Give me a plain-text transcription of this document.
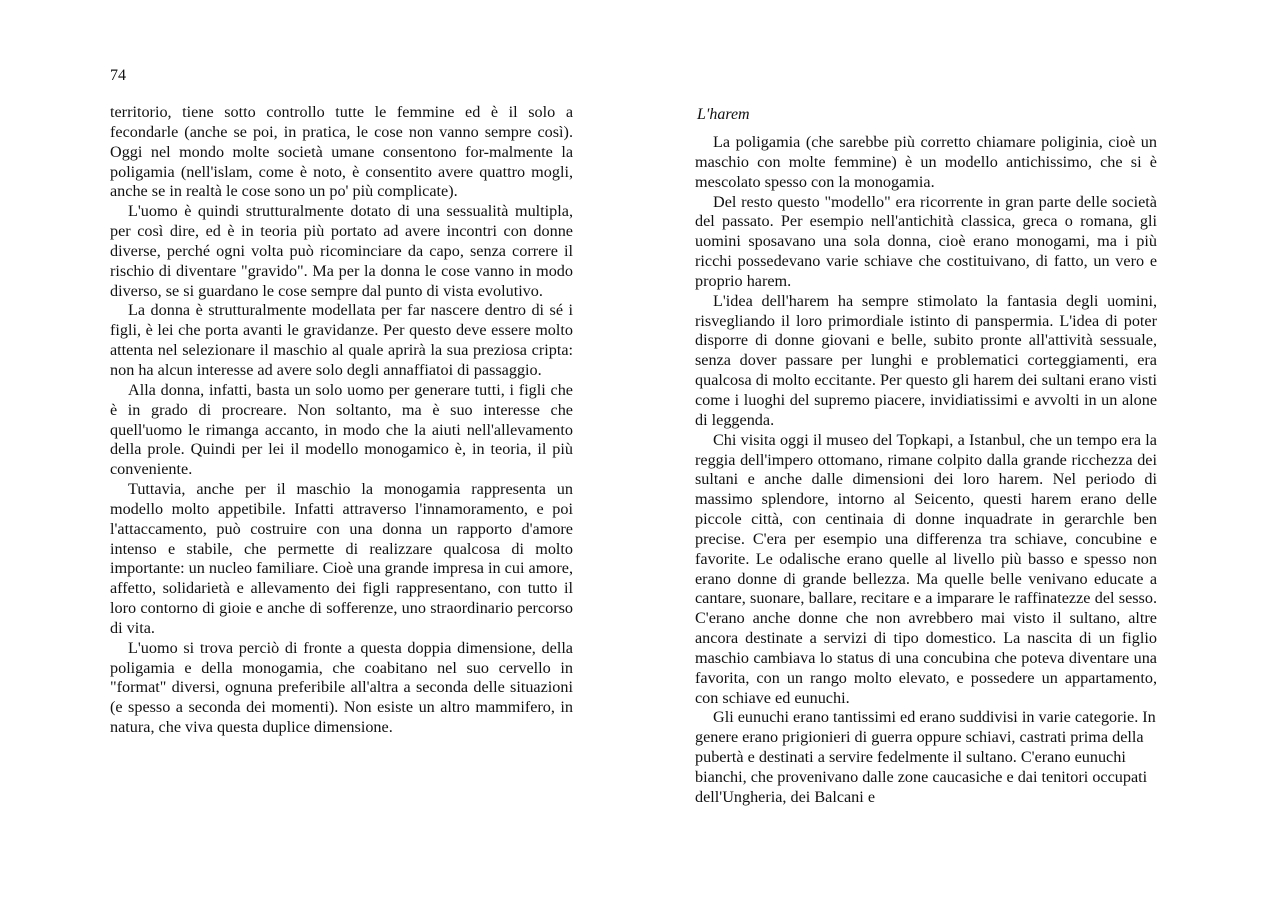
74

territorio, tiene sotto controllo tutte le femmine ed è il solo a fecondarle (anche se poi, in pratica, le cose non vanno sempre così). Oggi nel mondo molte società umane consentono for-malmente la poligamia (nell'islam, come è noto, è consentito avere quattro mogli, anche se in realtà le cose sono un po' più complicate).

L'uomo è quindi strutturalmente dotato di una sessualità multipla, per così dire, ed è in teoria più portato ad avere incontri con donne diverse, perché ogni volta può ricominciare da capo, senza correre il rischio di diventare "gravido". Ma per la donna le cose vanno in modo diverso, se si guardano le cose sempre dal punto di vista evolutivo.

La donna è strutturalmente modellata per far nascere dentro di sé i figli, è lei che porta avanti le gravidanze. Per questo deve essere molto attenta nel selezionare il maschio al quale aprirà la sua preziosa cripta: non ha alcun interesse ad avere solo degli annaffiatoi di passaggio.

Alla donna, infatti, basta un solo uomo per generare tutti, i figli che è in grado di procreare. Non soltanto, ma è suo interesse che quell'uomo le rimanga accanto, in modo che la aiuti nell'allevamento della prole. Quindi per lei il modello monogamico è, in teoria, il più conveniente.

Tuttavia, anche per il maschio la monogamia rappresenta un modello molto appetibile. Infatti attraverso l'innamoramento, e poi l'attaccamento, può costruire con una donna un rapporto d'amore intenso e stabile, che permette di realizzare qualcosa di molto importante: un nucleo familiare. Cioè una grande impresa in cui amore, affetto, solidarietà e allevamento dei figli rappresentano, con tutto il loro contorno di gioie e anche di sofferenze, uno straordinario percorso di vita.

L'uomo si trova perciò di fronte a questa doppia dimensione, della poligamia e della monogamia, che coabitano nel suo cervello in "format" diversi, ognuna preferibile all'altra a seconda delle situazioni (e spesso a seconda dei momenti). Non esiste un altro mammifero, in natura, che viva questa duplice dimensione.

L'harem

La poligamia (che sarebbe più corretto chiamare poliginia, cioè un maschio con molte femmine) è un modello antichissimo, che si è mescolato spesso con la monogamia.

Del resto questo "modello" era ricorrente in gran parte delle società del passato. Per esempio nell'antichità classica, greca o romana, gli uomini sposavano una sola donna, cioè erano monogami, ma i più ricchi possedevano varie schiave che costituivano, di fatto, un vero e proprio harem.

L'idea dell'harem ha sempre stimolato la fantasia degli uomini, risvegliando il loro primordiale istinto di panspermia. L'idea di poter disporre di donne giovani e belle, subito pronte all'attività sessuale, senza dover passare per lunghi e problematici corteggiamenti, era qualcosa di molto eccitante. Per questo gli harem dei sultani erano visti come i luoghi del supremo piacere, invidiatissimi e avvolti in un alone di leggenda.

Chi visita oggi il museo del Topkapi, a Istanbul, che un tempo era la reggia dell'impero ottomano, rimane colpito dalla grande ricchezza dei sultani e anche dalle dimensioni dei loro harem. Nel periodo di massimo splendore, intorno al Seicento, questi harem erano delle piccole città, con centinaia di donne inquadrate in gerarchle ben precise. C'era per esempio una differenza tra schiave, concubine e favorite. Le odalische erano quelle al livello più basso e spesso non erano donne di grande bellezza. Ma quelle belle venivano educate a cantare, suonare, ballare, recitare e a imparare le raffinatezze del sesso. C'erano anche donne che non avrebbero mai visto il sultano, altre ancora destinate a servizi di tipo domestico. La nascita di un figlio maschio cambiava lo status di una concubina che poteva diventare una favorita, con un rango molto elevato, e possedere un appartamento, con schiave ed eunuchi.

Gli eunuchi erano tantissimi ed erano suddivisi in varie categorie. In genere erano prigionieri di guerra oppure schiavi, castrati prima della pubertà e destinati a servire fedelmente il sultano. C'erano eunuchi bianchi, che provenivano dalle zone caucasiche e dai tenitori occupati dell'Ungheria, dei Balcani e
